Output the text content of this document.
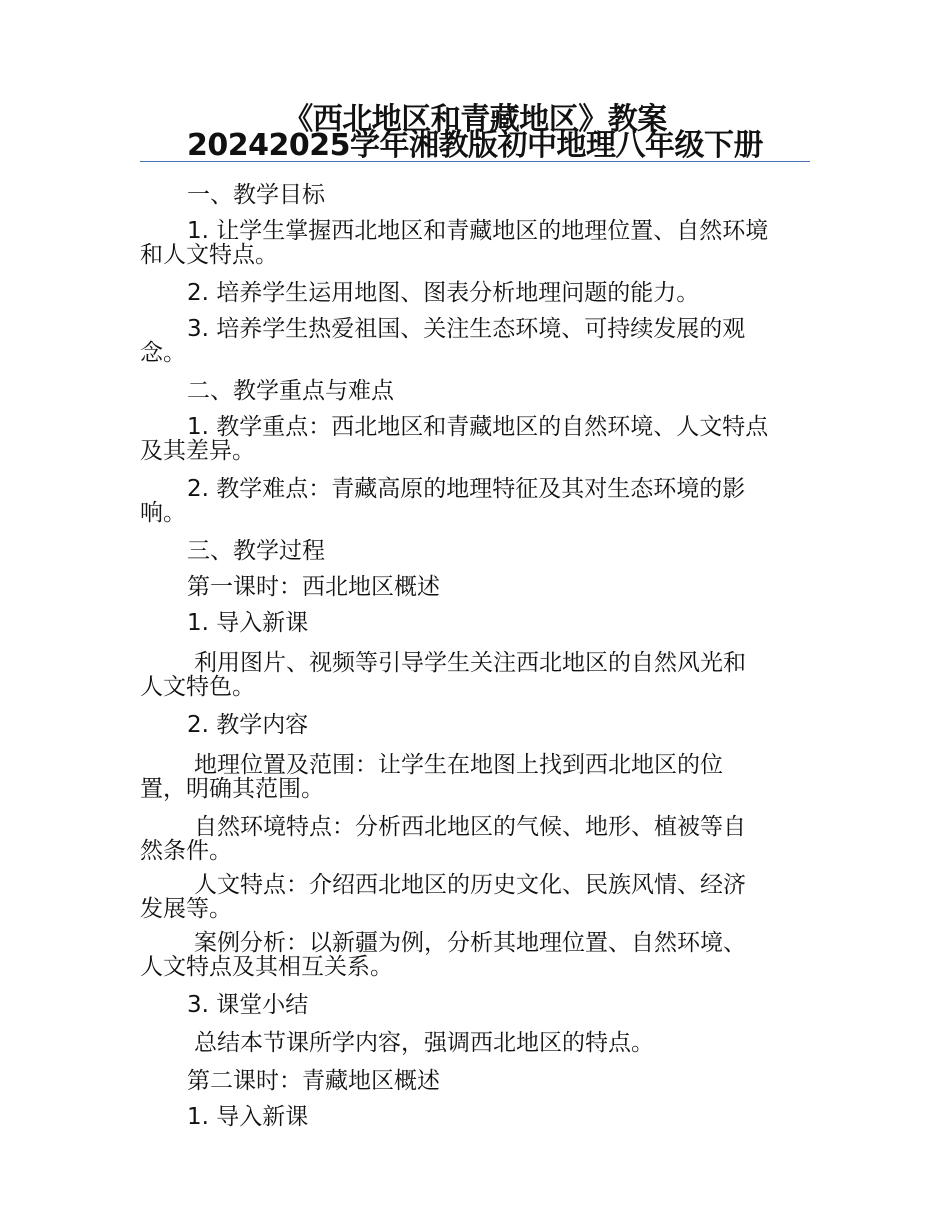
《西北地区和青藏地区》教案
20242025学年湘教版初中地理八年级下册
一、教学目标
1. 让学生掌握西北地区和青藏地区的地理位置、自然环境
和人文特点。
2. 培养学生运用地图、图表分析地理问题的能力。
3. 培养学生热爱祖国、关注生态环境、可持续发展的观
念。
二、教学重点与难点
1. 教学重点：西北地区和青藏地区的自然环境、人文特点
及其差异。
2. 教学难点：青藏高原的地理特征及其对生态环境的影
响。
三、教学过程
第一课时：西北地区概述
1. 导入新课
利用图片、视频等引导学生关注西北地区的自然风光和
人文特色。
2. 教学内容
地理位置及范围：让学生在地图上找到西北地区的位
置，明确其范围。
自然环境特点：分析西北地区的气候、地形、植被等自
然条件。
人文特点：介绍西北地区的历史文化、民族风情、经济
发展等。
案例分析：以新疆为例，分析其地理位置、自然环境、
人文特点及其相互关系。
3. 课堂小结
总结本节课所学内容，强调西北地区的特点。
第二课时：青藏地区概述
1. 导入新课
